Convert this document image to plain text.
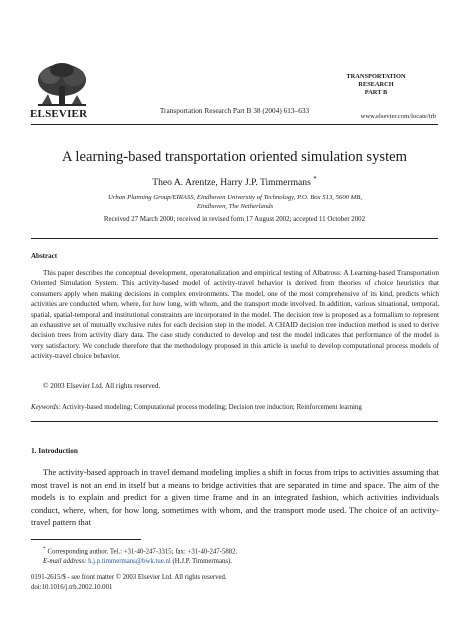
ELSEVIER	Transportation Research Part B 38 (2004) 613–633
TRANSPORTATION
RESEARCH
PART B
www.elsevier.com/locate/trb
A learning-based transportation oriented simulation system
Theo A. Arentze, Harry J.P. Timmermans *
Urban Planning Group/EIRASS, Eindhoven University of Technology, P.O. Box 513, 5600 MB,
Eindhoven, The Netherlands
Received 27 March 2000; received in revised form 17 August 2002; accepted 11 October 2002
Abstract

This paper describes the conceptual development, operatonalization and empirical testing of Albatross: A Learning-based Transportation Oriented Simulation System. This activity-based model of activity-travel behavior is derived from theories of choice heuristics that consumers apply when making decisions in complex environments. The model, one of the most comprehensive of its kind, predicts which activities are conducted when, where, for how long, with whom, and the transport mode involved. In addition, various situational, temporal, spatial, spatial-temporal and institutional constraints are incorporated in the model. The decision tree is proposed as a formalism to represent an exhaustive set of mutually exclusive rules for each decision step in the model. A CHAID decision tree induction method is used to derive decision trees from activity diary data. The case study conducted to develop and test the model indicates that performance of the model is very satisfactory. We conclude therefore that the methodology proposed in this article is useful to develop computational process models of activity-travel choice behavior.

© 2003 Elsevier Ltd. All rights reserved.
Keywords: Activity-based modeling; Computational process modeling; Decision tree induction; Reinforcement learning
1. Introduction

The activity-based approach in travel demand modeling implies a shift in focus from trips to activities assuming that most travel is not an end in itself but a means to bridge activities that are separated in time and space. The aim of the models is to explain and predict for a given time frame and in an integrated fashion, which activities individuals conduct, where, when, for how long, sometimes with whom, and the transport mode used. The choice of an activity-travel pattern that

* Corresponding author. Tel.: +31-40-247-3315; fax: +31-40-247-5882.
E-mail address: h.j.p.timmermans@bwk.tue.nl (H.J.P. Timmermans).
0191-2615/$ - see front matter © 2003 Elsevier Ltd. All rights reserved.
doi:10.1016/j.trb.2002.10.001
